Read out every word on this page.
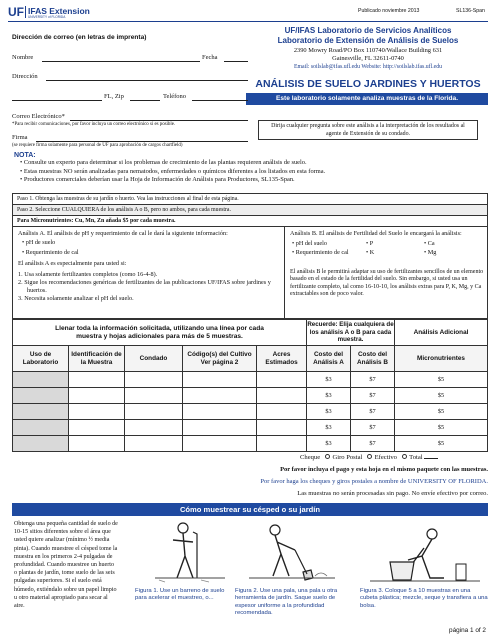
UF IFAS Extension
UNIVERSITY of FLORIDA
Publicado noviembre 2013	SL136-Span
UF/IFAS Laboratorio de Servicios Analíticos
Laboratorio de Extensión de Análisis de Suelos
2390 Mowry Road/PO Box 110740/Wallace Building 631
Gainesville, FL 32611-0740
Email: soilslab@ifas.ufl.edu Website: http://soilslab.ifas.ufl.edu
ANÁLISIS DE SUELO JARDINES Y HUERTOS
Este laboratorio solamente analiza muestras de la Florida.
Dirija cualquier pregunta sobre este análisis a la interpretación de los resultados al agente de Extensión de su condado.
Dirección de correo (en letras de imprenta)
Nombre	Fecha
Dirección
FL, Zip	Teléfono
Correo Electrónico*
*Para recibir comunicaciones, por favor incluya un correo electrónico si es posible.
Firma
(se requiere firma solamente para personal de UF para aprobación de cargos chartfield)
NOTA:
• Consulte un experto para determinar si los problemas de crecimiento de las plantas requieren análisis de suelo.
• Estas muestras NO serán analizadas para nematodos, enfermedades o químicos diferentes a los listados en esta forma.
• Productores comerciales deberían usar la Hoja de Información de Análisis para Productores, SL135-Span.
Paso 1. Obtenga las muestras de su jardín o huerto. Vea las instrucciones al final de esta página.
Paso 2. Seleccione CUALQUIERA de los análisis A o B, pero no ambos, para cada muestra.
Para Micronutrientes: Cu, Mn, Zn añada $5 por cada muestra.
Análisis A. El análisis de pH y requerimiento de cal le dará la siguiente información:
• pH de suelo
• Requerimiento de cal
El análisis A es especialmente para usted si:
1. Usa solamente fertilizantes completos (como 16-4-8).
2. Sigue los recomendaciones genéricas de fertilizantes de las publicaciones UF/IFAS sobre jardines y huertos.
3. Necesita solamente analizar el pH del suelo.
Análisis B. El análisis de Fertilidad del Suelo le encargará la análisis:
• pH del suelo	• P	• Ca
• Requerimiento de cal	• K	• Mg
El análisis B le permitirá adaptar su uso de fertilizantes sencillos de un elemento basado en el estado de la fertilidad del suelo. Sin embargo, si usted usa un fertilizante completo, tal como 16-10-10, los análisis extras para P, K, Mg, y Ca extractables son de poco valor.
Llenar toda la información solicitada, utilizando una línea por cada muestra y hojas adicionales para más de 5 muestras.					Recuerde: Elija cualquiera de los análisis A o B para cada muestra.		Análisis Adicional
Uso de Laboratorio	Identificación de la Muestra	Condado	Código(s) del Cultivo Ver página 2	Acres Estimados	Costo del Análisis A	Costo del Análisis B	Micronutrientes
					$3	$7	$5
					$3	$7	$5
					$3	$7	$5
					$3	$7	$5
					$3	$7	$5
Cheque Giro Postal Efectivo Total
Por favor incluya el pago y esta hoja en el mismo paquete con las muestras.
Por favor haga los cheques y giros postales a nombre de UNIVERSITY OF FLORIDA.
Las muestras no serán procesadas sin pago. No envíe efectivo por correo.
Cómo muestrear su césped o su jardín
Obtenga una pequeña cantidad de suelo de 10-15 sitios diferentes sobre el área que usted quiere analizar (mínimo ½ media pinta). Cuando muestree el césped tome la muestra en los primeros 2-4 pulgadas de profundidad. Cuando muestree un huerto o plantas de jardín, tome suelo de las seis pulgadas superiores. Si el suelo está húmedo, extiéndalo sobre un papel limpio u otro material apropiado para secar al aire.
Figura 1. Use un barreno de suelo para acelerar el muestreo, o...
Figura 2. Use una pala, una pala u otra herramienta de jardín. Saque suelo de espesor uniforme a la profundidad recomendada.
Figura 3. Coloque 5 a 10 muestras en una cubeta plástica; mezcle, seque y transfiera a una bolsa.
página 1 of 2
